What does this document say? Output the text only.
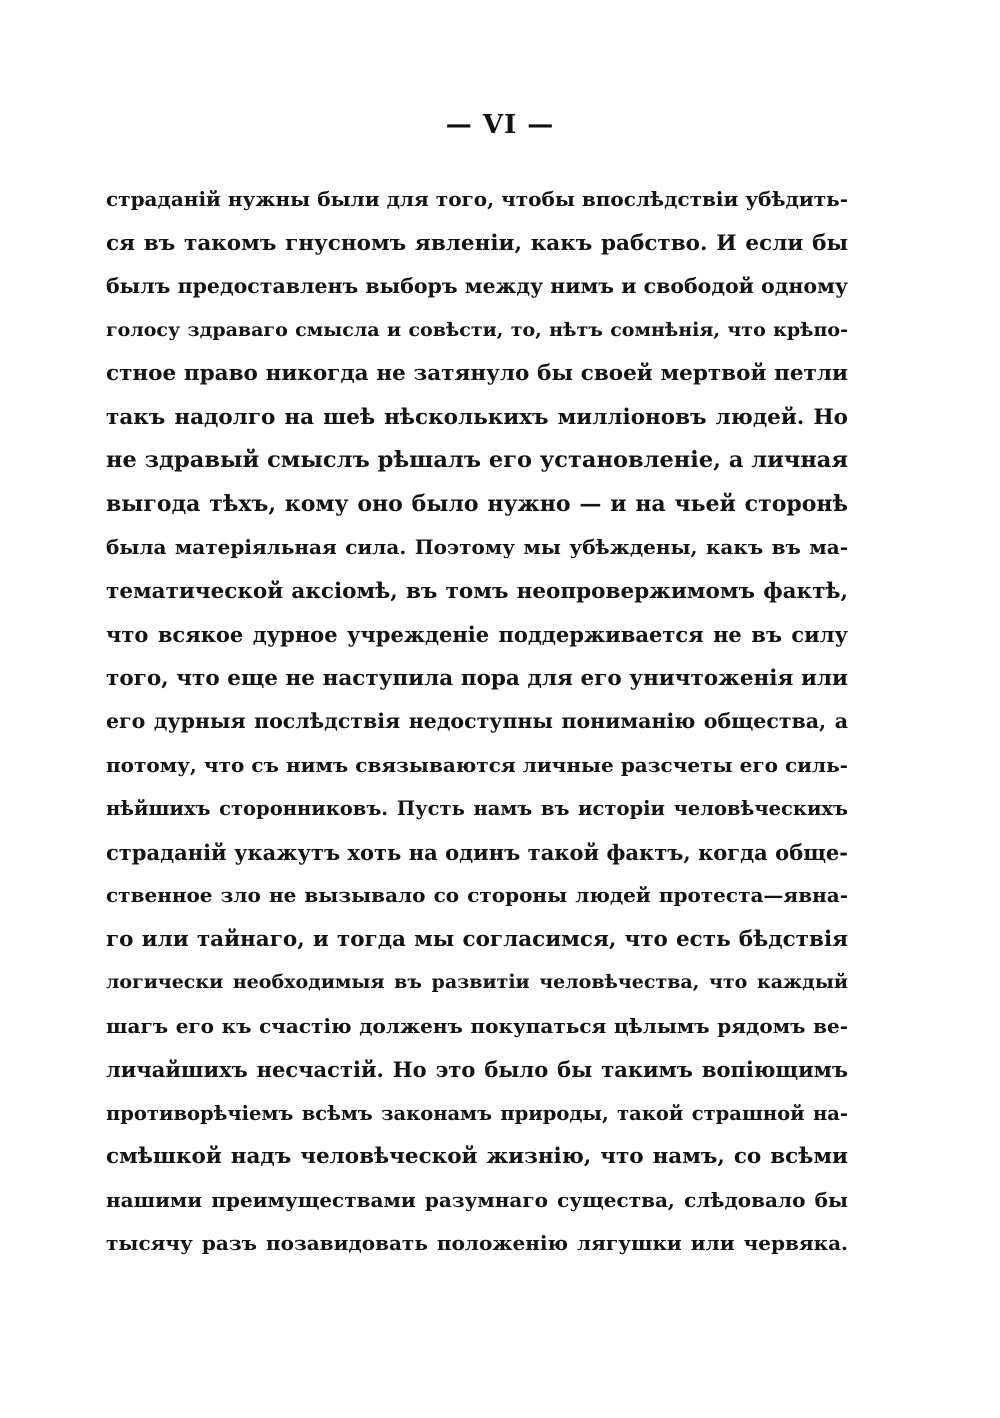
— VI —
страданій нужны были для того, чтобы впослѣдствіи убѣдить-
ся въ такомъ гнусномъ явленіи, какъ рабство. И если бы
былъ предоставленъ выборъ между нимъ и свободой одному
голосу здраваго смысла и совѣсти, то, нѣтъ сомнѣнія, что крѣпо-
стное право никогда не затянуло бы своей мертвой петли
такъ надолго на шеѣ нѣсколькихъ милліоновъ людей. Но
не здравый смыслъ рѣшалъ его установленіе, а личная
выгода тѣхъ, кому оно было нужно — и на чьей сторонѣ
была матеріяльная сила. Поэтому мы убѣждены, какъ въ ма-
тематической аксіомѣ, въ томъ неопровержимомъ фактѣ,
что всякое дурное учрежденіе поддерживается не въ силу
того, что еще не наступила пора для его уничтоженія или
его дурныя послѣдствія недоступны пониманію общества, а
потому, что съ нимъ связываются личные разсчеты его силь-
нѣйшихъ сторонниковъ. Пусть намъ въ исторіи человѣческихъ
страданій укажутъ хоть на одинъ такой фактъ, когда обще-
ственное зло не вызывало со стороны людей протеста—явна-
го или тайнаго, и тогда мы согласимся, что есть бѣдствія
логически необходимыя въ развитіи человѣчества, что каждый
шагъ его къ счастію долженъ покупаться цѣлымъ рядомъ ве-
личайшихъ несчастій. Но это было бы такимъ вопіющимъ
противорѣчіемъ всѣмъ законамъ природы, такой страшной на-
смѣшкой надъ человѣческой жизнію, что намъ, со всѣми
нашими преимуществами разумнаго существа, слѣдовало бы
тысячу разъ позавидовать положенію лягушки или червяка.
